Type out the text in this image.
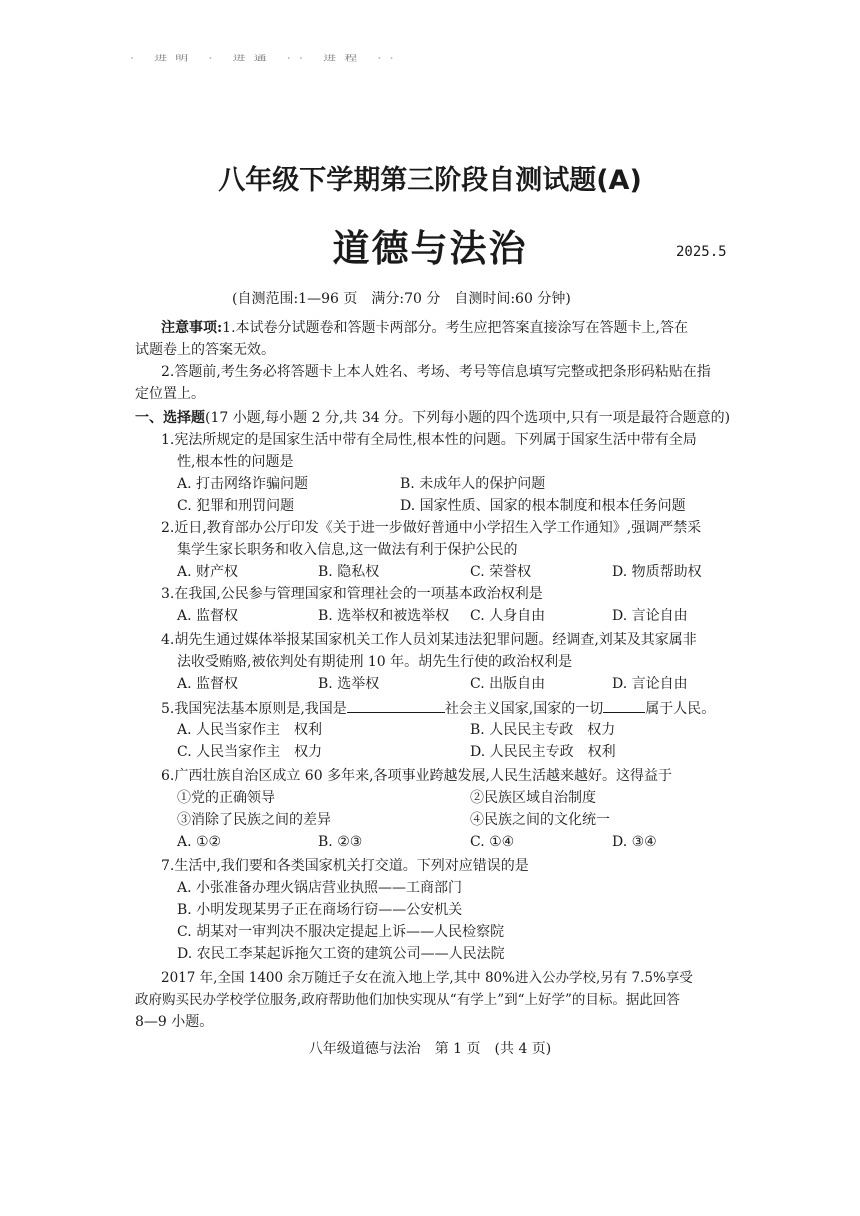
· 进明 · 进通 ·· 进程 ··
八年级下学期第三阶段自测试题(A)
道德与法治	2025.5
(自测范围:1—96 页　满分:70 分　自测时间:60 分钟)
注意事项:1.本试卷分试题卷和答题卡两部分。考生应把答案直接涂写在答题卡上,答在
试题卷上的答案无效。
2.答题前,考生务必将答题卡上本人姓名、考场、考号等信息填写完整或把条形码粘贴在指
定位置上。
一、选择题(17 小题,每小题 2 分,共 34 分。下列每小题的四个选项中,只有一项是最符合题意的)
1.宪法所规定的是国家生活中带有全局性,根本性的问题。下列属于国家生活中带有全局
性,根本性的问题是
A. 打击网络诈骗问题	B. 未成年人的保护问题
C. 犯罪和刑罚问题	D. 国家性质、国家的根本制度和根本任务问题
2.近日,教育部办公厅印发《关于进一步做好普通中小学招生入学工作通知》,强调严禁采
集学生家长职务和收入信息,这一做法有利于保护公民的
A. 财产权	B. 隐私权	C. 荣誉权	D. 物质帮助权
3.在我国,公民参与管理国家和管理社会的一项基本政治权利是
A. 监督权	B. 选举权和被选举权 C. 人身自由	D. 言论自由
4.胡先生通过媒体举报某国家机关工作人员刘某违法犯罪问题。经调查,刘某及其家属非
法收受贿赂,被依判处有期徒刑 10 年。胡先生行使的政治权利是
A. 监督权	B. 选举权	C. 出版自由	D. 言论自由
5.我国宪法基本原则是,我国是	社会主义国家,国家的一切	属于人民。
A. 人民当家作主　权利	B. 人民民主专政　权力
C. 人民当家作主　权力	D. 人民民主专政　权利
6.广西壮族自治区成立 60 多年来,各项事业跨越发展,人民生活越来越好。这得益于
①党的正确领导	②民族区域自治制度
③消除了民族之间的差异	④民族之间的文化统一
A. ①②	B. ②③	C. ①④	D. ③④
7.生活中,我们要和各类国家机关打交道。下列对应错误的是
A. 小张准备办理火锅店营业执照——工商部门
B. 小明发现某男子正在商场行窃——公安机关
C. 胡某对一审判决不服决定提起上诉——人民检察院
D. 农民工李某起诉拖欠工资的建筑公司——人民法院
2017 年,全国 1400 余万随迁子女在流入地上学,其中 80%进入公办学校,另有 7.5%享受
政府购买民办学校学位服务,政府帮助他们加快实现从“有学上”到“上好学”的目标。据此回答
8—9 小题。
八年级道德与法治　第 1 页　(共 4 页)
